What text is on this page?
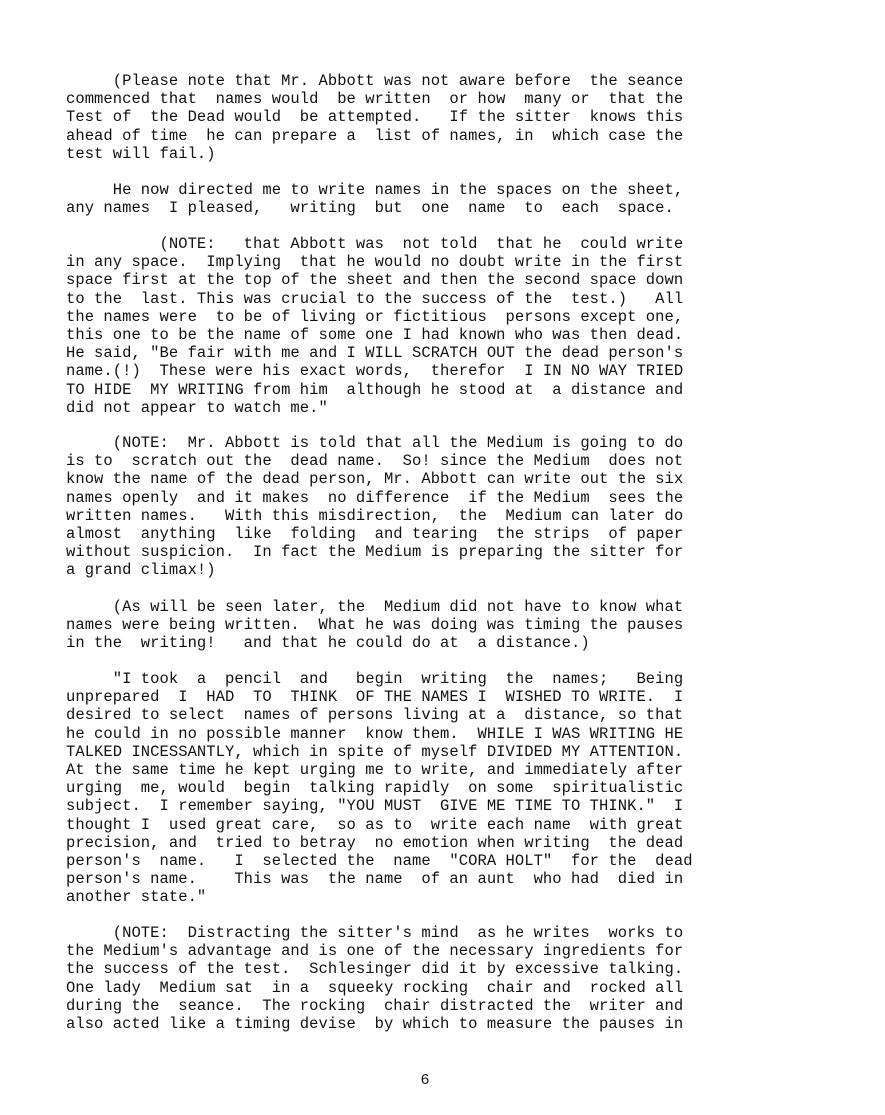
(Please note that Mr. Abbott was not aware before  the seance
commenced that  names would  be written  or how  many or  that the
Test of  the Dead would  be attempted.   If the sitter  knows this
ahead of time  he can prepare a  list of names, in  which case the
test will fail.)
He now directed me to write names in the spaces on the sheet,
any names  I pleased,   writing  but  one  name  to  each  space.
(NOTE:   that Abbott was  not told  that he  could write
in any space.  Implying  that he would no doubt write in the first
space first at the top of the sheet and then the second space down
to the  last. This was crucial to the success of the  test.)   All
the names were  to be of living or fictitious  persons except one,
this one to be the name of some one I had known who was then dead.
He said, "Be fair with me and I WILL SCRATCH OUT the dead person's
name.(!)  These were his exact words,  therefor  I IN NO WAY TRIED
TO HIDE  MY WRITING from him  although he stood at  a distance and
did not appear to watch me."
(NOTE:  Mr. Abbott is told that all the Medium is going to do
is to  scratch out the  dead name.  So! since the Medium  does not
know the name of the dead person, Mr. Abbott can write out the six
names openly  and it makes  no difference  if the Medium  sees the
written names.   With this misdirection,  the  Medium can later do
almost  anything  like  folding  and tearing  the strips  of paper
without suspicion.  In fact the Medium is preparing the sitter for
a grand climax!)
(As will be seen later, the  Medium did not have to know what
names were being written.  What he was doing was timing the pauses
in the  writing!   and that he could do at  a distance.)
"I took  a  pencil  and   begin  writing  the  names;   Being
unprepared  I  HAD  TO  THINK  OF THE NAMES I  WISHED TO WRITE.  I
desired to select  names of persons living at a  distance, so that
he could in no possible manner  know them.  WHILE I WAS WRITING HE
TALKED INCESSANTLY, which in spite of myself DIVIDED MY ATTENTION.
At the same time he kept urging me to write, and immediately after
urging  me, would  begin  talking rapidly  on some  spiritualistic
subject.  I remember saying, "YOU MUST  GIVE ME TIME TO THINK."  I
thought I  used great care,  so as to  write each name  with great
precision, and  tried to betray  no emotion when writing  the dead
person's  name.   I  selected the  name  "CORA HOLT"  for the  dead
person's name.    This was  the name  of an aunt  who had  died in
another state."
(NOTE:  Distracting the sitter's mind  as he writes  works to
the Medium's advantage and is one of the necessary ingredients for
the success of the test.  Schlesinger did it by excessive talking.
One lady  Medium sat  in a  squeeky rocking  chair and  rocked all
during the  seance.  The rocking  chair distracted the  writer and
also acted like a timing devise  by which to measure the pauses in
6
